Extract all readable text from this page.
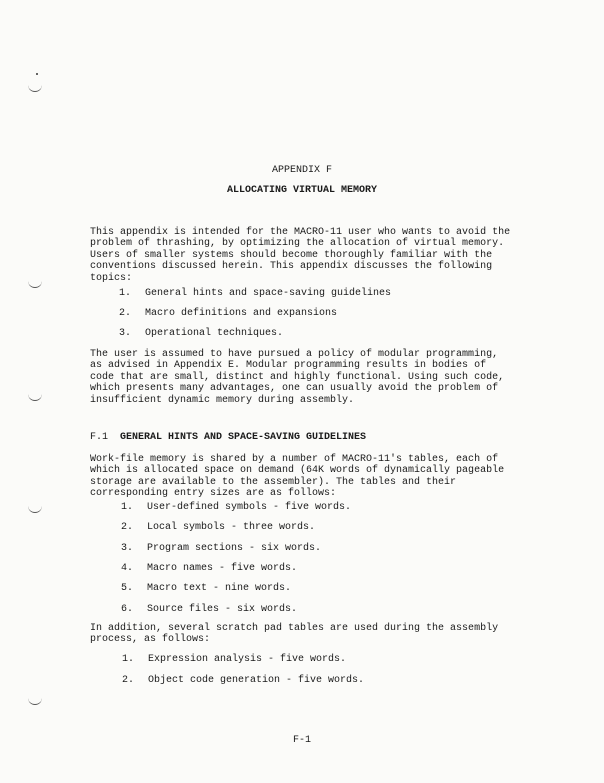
APPENDIX F
ALLOCATING VIRTUAL MEMORY
This appendix is intended for the MACRO-11 user who wants to avoid the
problem of thrashing, by optimizing the allocation of virtual memory.
Users of smaller systems should become thoroughly familiar with the
conventions discussed herein. This appendix discusses the following
topics:
1. General hints and space-saving guidelines
2. Macro definitions and expansions
3. Operational techniques.
The user is assumed to have pursued a policy of modular programming,
as advised in Appendix E. Modular programming results in bodies of
code that are small, distinct and highly functional. Using such code,
which presents many advantages, one can usually avoid the problem of
insufficient dynamic memory during assembly.
F.1 GENERAL HINTS AND SPACE-SAVING GUIDELINES
Work-file memory is shared by a number of MACRO-11's tables, each of
which is allocated space on demand (64K words of dynamically pageable
storage are available to the assembler). The tables and their
corresponding entry sizes are as follows:
1. User-defined symbols - five words.
2. Local symbols - three words.
3. Program sections - six words.
4. Macro names - five words.
5. Macro text - nine words.
6. Source files - six words.
In addition, several scratch pad tables are used during the assembly
process, as follows:
1. Expression analysis - five words.
2. Object code generation - five words.
F-1
